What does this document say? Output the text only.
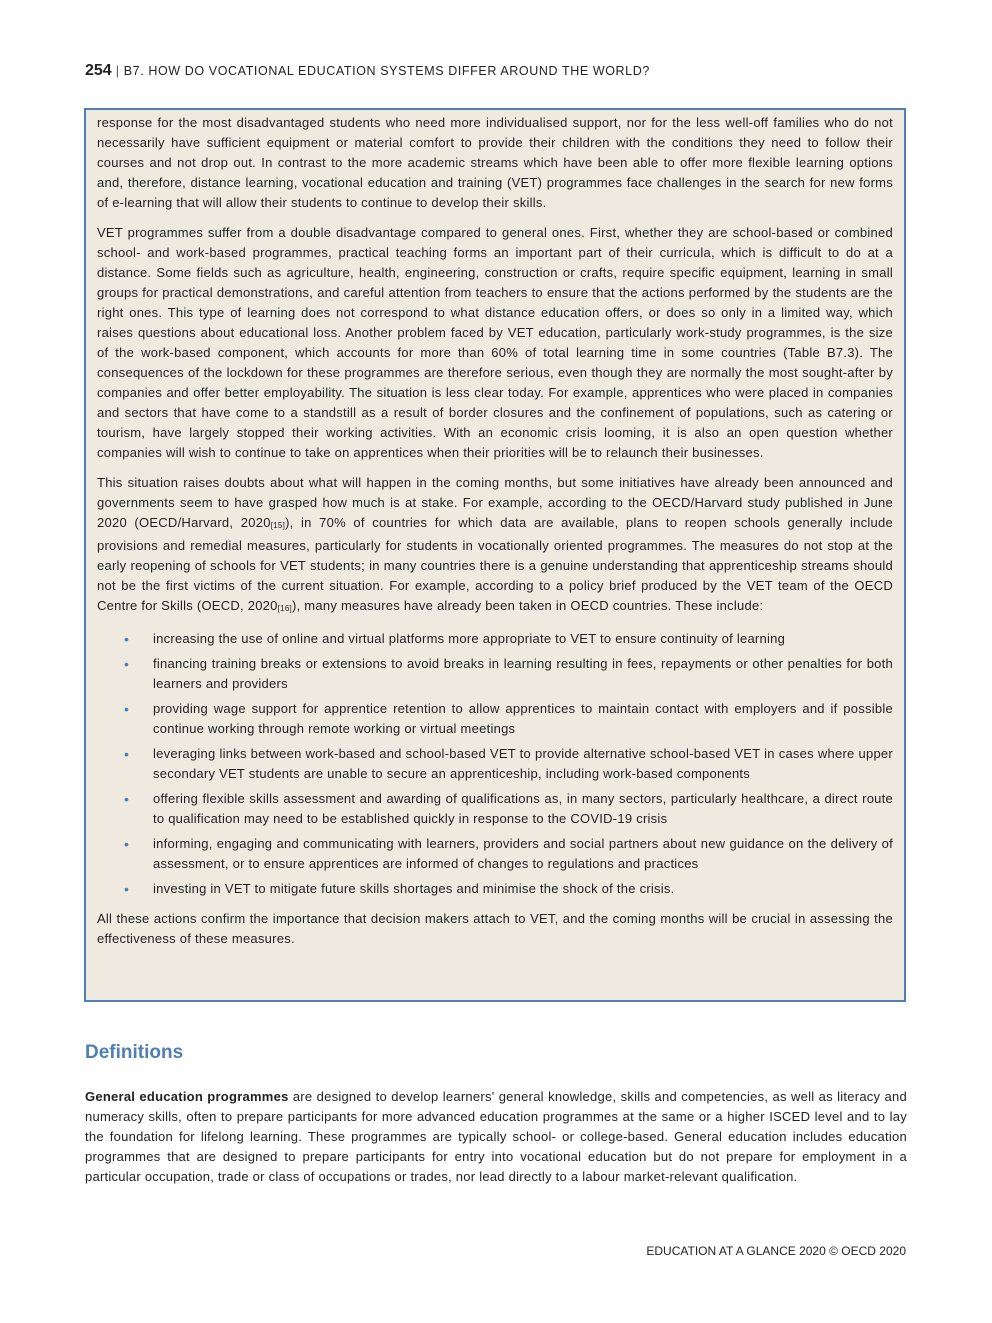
254 | B7. HOW DO VOCATIONAL EDUCATION SYSTEMS DIFFER AROUND THE WORLD?

response for the most disadvantaged students who need more individualised support, nor for the less well-off families who do not necessarily have sufficient equipment or material comfort to provide their children with the conditions they need to follow their courses and not drop out. In contrast to the more academic streams which have been able to offer more flexible learning options and, therefore, distance learning, vocational education and training (VET) programmes face challenges in the search for new forms of e-learning that will allow their students to continue to develop their skills.

VET programmes suffer from a double disadvantage compared to general ones. First, whether they are school-based or combined school- and work-based programmes, practical teaching forms an important part of their curricula, which is difficult to do at a distance. Some fields such as agriculture, health, engineering, construction or crafts, require specific equipment, learning in small groups for practical demonstrations, and careful attention from teachers to ensure that the actions performed by the students are the right ones. This type of learning does not correspond to what distance education offers, or does so only in a limited way, which raises questions about educational loss. Another problem faced by VET education, particularly work-study programmes, is the size of the work-based component, which accounts for more than 60% of total learning time in some countries (Table B7.3). The consequences of the lockdown for these programmes are therefore serious, even though they are normally the most sought-after by companies and offer better employability. The situation is less clear today. For example, apprentices who were placed in companies and sectors that have come to a standstill as a result of border closures and the confinement of populations, such as catering or tourism, have largely stopped their working activities. With an economic crisis looming, it is also an open question whether companies will wish to continue to take on apprentices when their priorities will be to relaunch their businesses.

This situation raises doubts about what will happen in the coming months, but some initiatives have already been announced and governments seem to have grasped how much is at stake. For example, according to the OECD/Harvard study published in June 2020 (OECD/Harvard, $2020_{[15]}$), in 70% of countries for which data are available, plans to reopen schools generally include provisions and remedial measures, particularly for students in vocationally oriented programmes. The measures do not stop at the early reopening of schools for VET students; in many countries there is a genuine understanding that apprenticeship streams should not be the first victims of the current situation. For example, according to a policy brief produced by the VET team of the OECD Centre for Skills (OECD, $2020_{[16]}$), many measures have already been taken in OECD countries. These include:

• increasing the use of online and virtual platforms more appropriate to VET to ensure continuity of learning
• financing training breaks or extensions to avoid breaks in learning resulting in fees, repayments or other penalties for both learners and providers
• providing wage support for apprentice retention to allow apprentices to maintain contact with employers and if possible continue working through remote working or virtual meetings
• leveraging links between work-based and school-based VET to provide alternative school-based VET in cases where upper secondary VET students are unable to secure an apprenticeship, including work-based components
• offering flexible skills assessment and awarding of qualifications as, in many sectors, particularly healthcare, a direct route to qualification may need to be established quickly in response to the COVID-19 crisis
• informing, engaging and communicating with learners, providers and social partners about new guidance on the delivery of assessment, or to ensure apprentices are informed of changes to regulations and practices
• investing in VET to mitigate future skills shortages and minimise the shock of the crisis.

All these actions confirm the importance that decision makers attach to VET, and the coming months will be crucial in assessing the effectiveness of these measures.

Definitions

General education programmes are designed to develop learners' general knowledge, skills and competencies, as well as literacy and numeracy skills, often to prepare participants for more advanced education programmes at the same or a higher ISCED level and to lay the foundation for lifelong learning. These programmes are typically school- or college-based. General education includes education programmes that are designed to prepare participants for entry into vocational education but do not prepare for employment in a particular occupation, trade or class of occupations or trades, nor lead directly to a labour market-relevant qualification.

EDUCATION AT A GLANCE 2020 © OECD 2020
